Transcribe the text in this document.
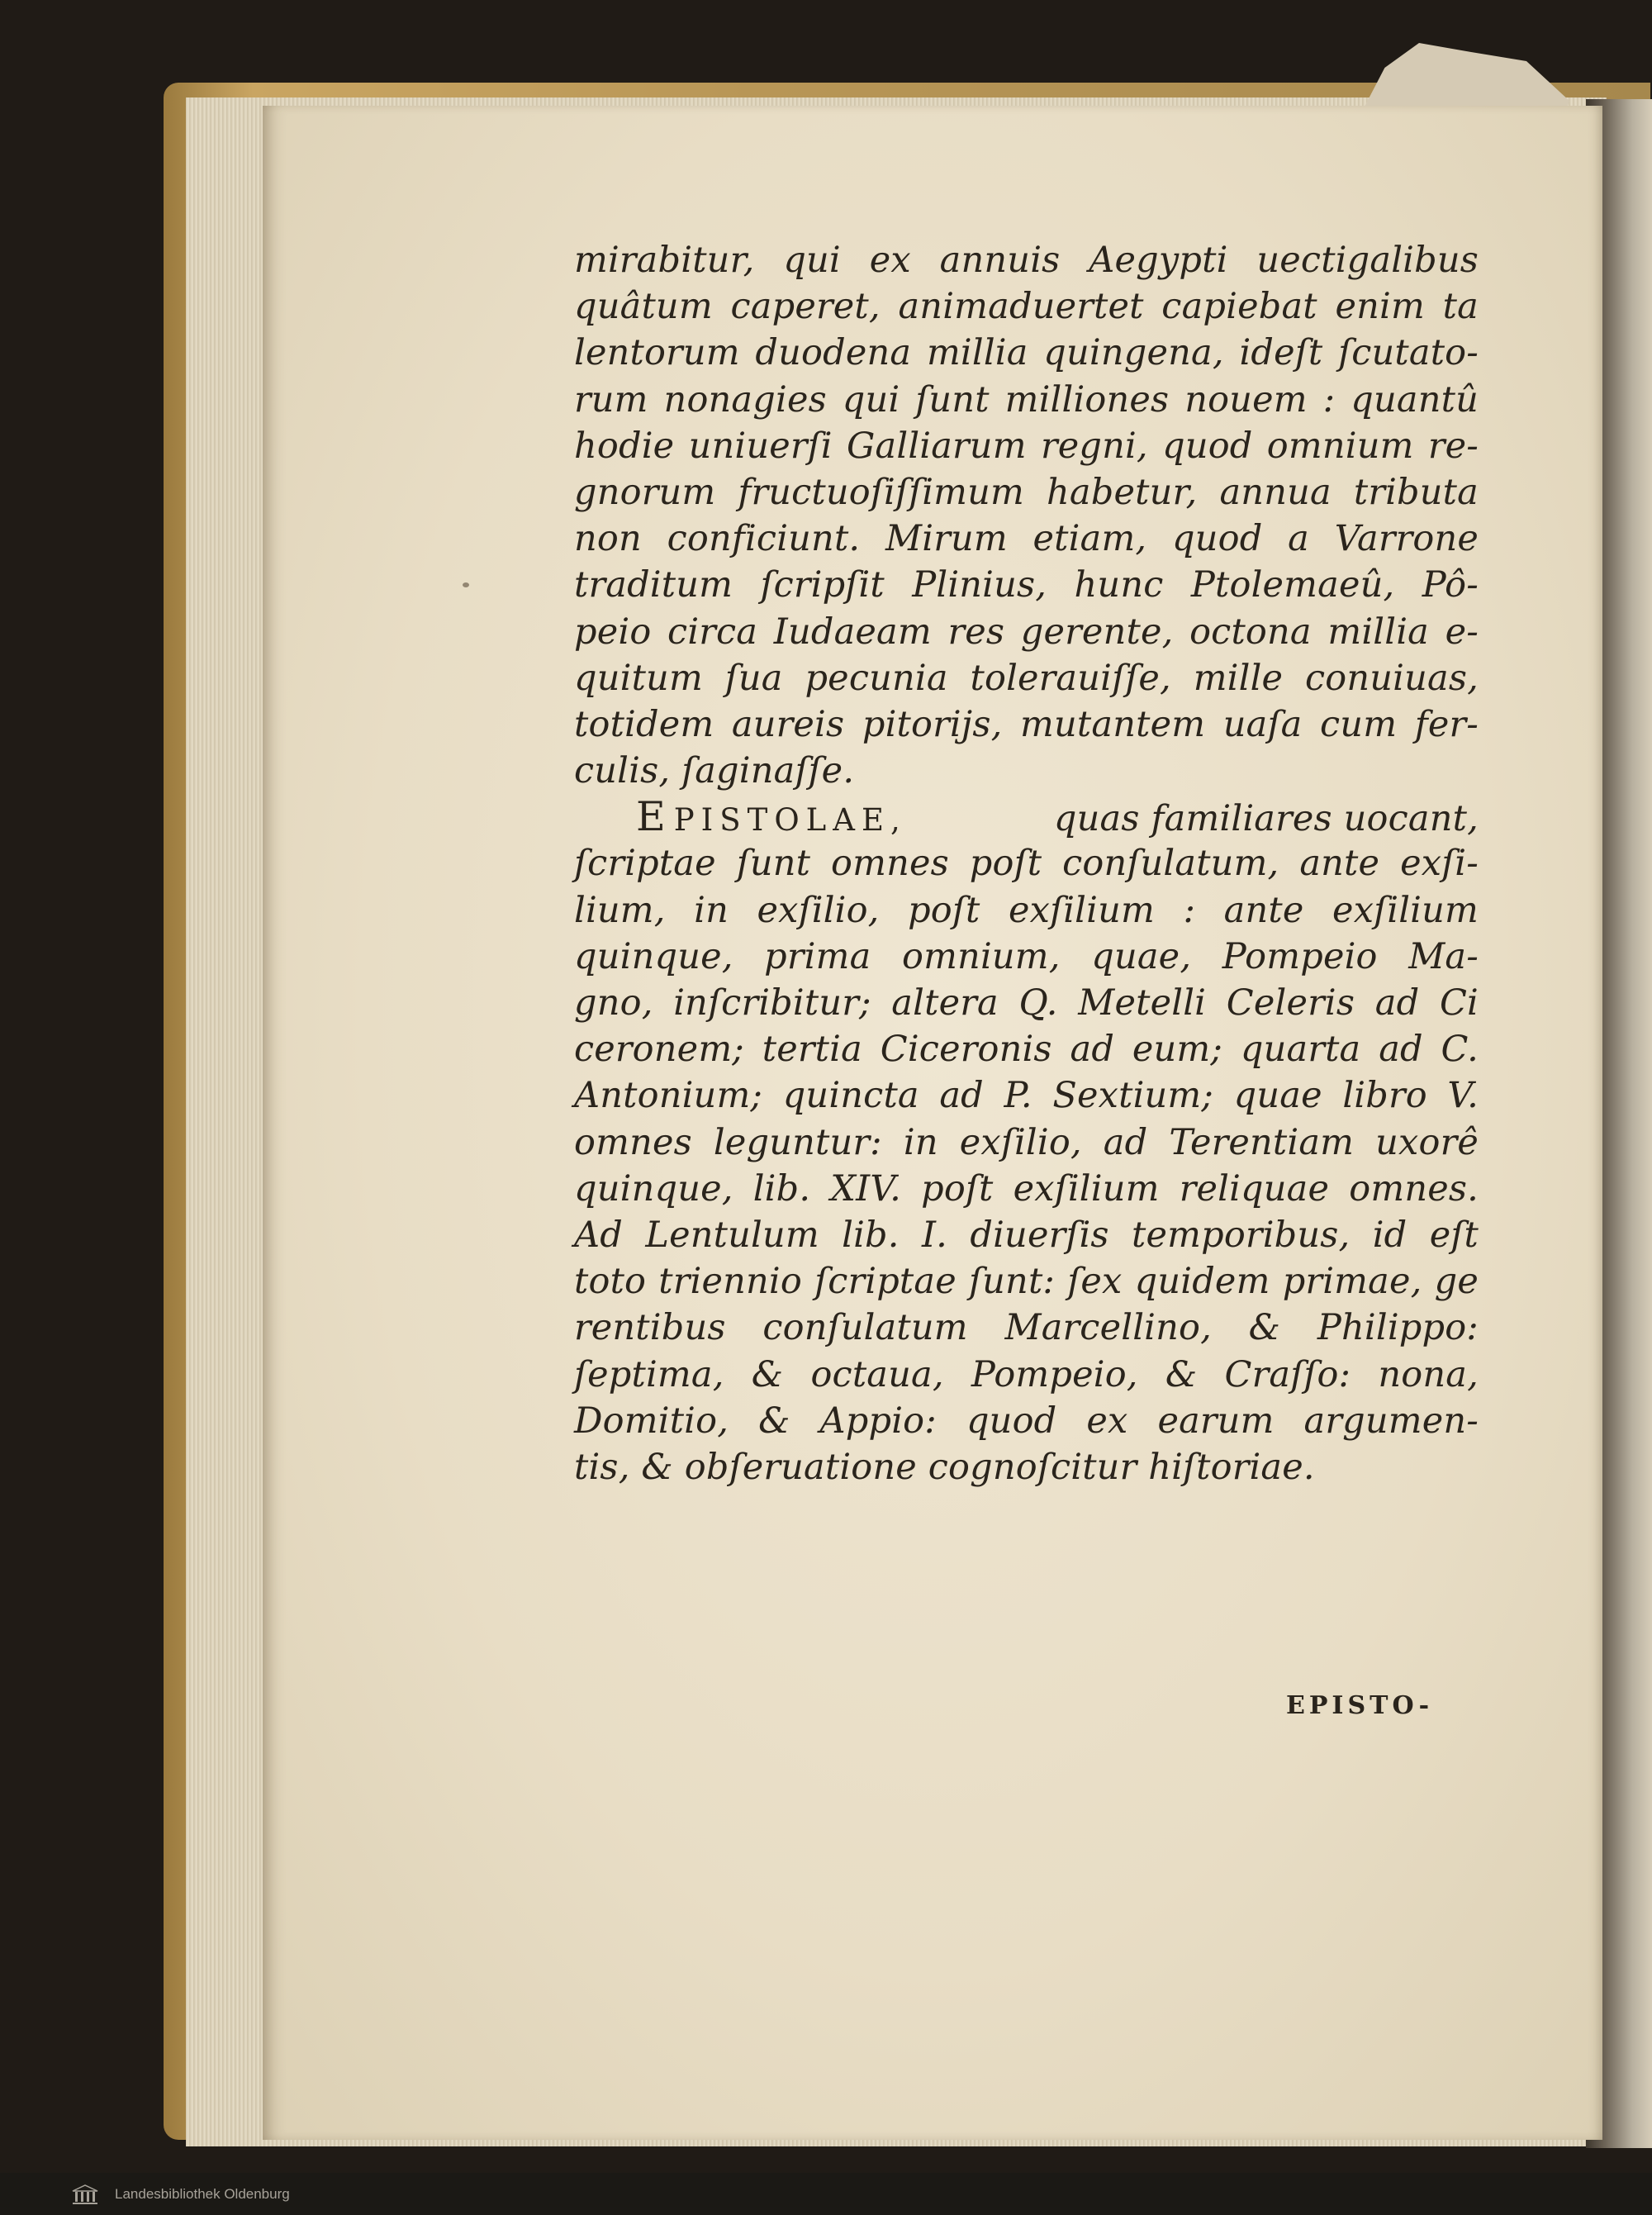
mirabitur, qui ex annuis Aegypti uectigalibus
quâtum caperet, animaduertet capiebat enim ta
lentorum duodena millia quingena, ideſt ſcutato-
rum nonagies qui ſunt milliones nouem : quantû
hodie uniuerſi Galliarum regni, quod omnium re-
gnorum fructuoſiſſimum habetur, annua tributa
non conficiunt. Mirum etiam, quod a Varrone
traditum ſcripſit Plinius, hunc Ptolemaeû, Pô-
peio circa Iudaeam res gerente, octona millia e-
quitum ſua pecunia tolerauiſſe, mille conuiuas,
totidem aureis pitorijs, mutantem uaſa cum fer-
culis, ſaginaſſe.
EPISTOLAE,	quas familiares uocant,
ſcriptae ſunt omnes poſt conſulatum, ante exſi-
lium, in exſilio, poſt exſilium : ante exſilium
quinque, prima omnium, quae, Pompeio Ma-
gno, inſcribitur; altera Q. Metelli Celeris ad Ci
ceronem; tertia Ciceronis ad eum; quarta ad C.
Antonium; quincta ad P. Sextium; quae libro V.
omnes leguntur: in exſilio, ad Terentiam uxorê
quinque, lib. XIV. poſt exſilium reliquae omnes.
Ad Lentulum lib. I. diuerſis temporibus, id eſt
toto triennio ſcriptae ſunt: ſex quidem primae, ge
rentibus conſulatum Marcellino, & Philippo:
ſeptima, & octaua, Pompeio, & Craſſo: nona,
Domitio, & Appio: quod ex earum argumen-
tis, & obſeruatione cognoſcitur hiſtoriae.
EPISTO-
Landesbibliothek Oldenburg
